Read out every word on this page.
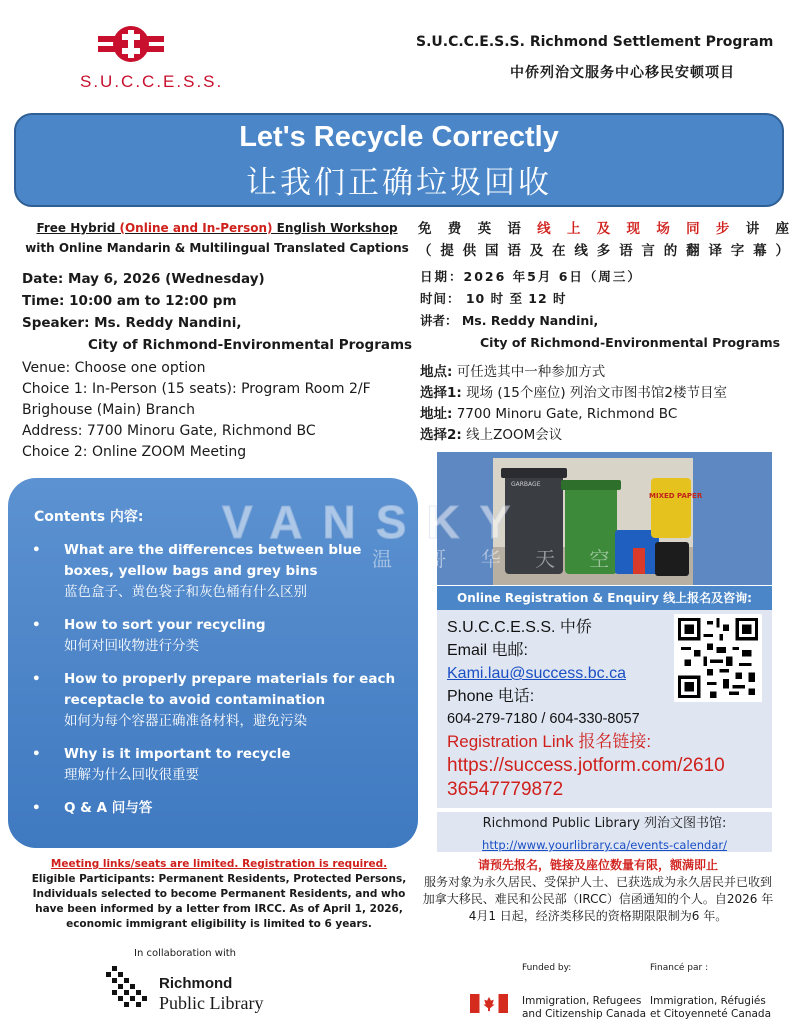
S.U.C.C.E.S.S.
S.U.C.C.E.S.S. Richmond Settlement Program
中侨列治文服务中心移民安顿项目
Let's Recycle Correctly
让我们正确垃圾回收
Free Hybrid (Online and In-Person) English Workshop
with Online Mandarin & Multilingual Translated Captions
Date: May 6, 2026 (Wednesday)
Time: 10:00 am to 12:00 pm
Speaker: Ms. Reddy Nandini,
City of Richmond-Environmental Programs
Venue: Choose one option
Choice 1: In-Person (15 seats): Program Room 2/F
Brighouse (Main) Branch
Address: 7700 Minoru Gate, Richmond BC
Choice 2: Online ZOOM Meeting
免费英语线上及现场同步讲座
（提供国语及在线多语言的翻译字幕）
日期：2026 年5月 6日（周三）
时间： 10 时 至 12 时
讲者： Ms. Reddy Nandini,
City of Richmond-Environmental Programs
地点: 可任选其中一种参加方式
选择1: 现场 (15个座位) 列治文市图书馆2楼节目室
地址: 7700 Minoru Gate, Richmond BC
选择2: 线上ZOOM会议
Contents 内容:
• What are the differences between blue boxes, yellow bags and grey bins
蓝色盒子、黄色袋子和灰色桶有什么区别
• How to sort your recycling
如何对回收物进行分类
• How to properly prepare materials for each receptacle to avoid contamination
如何为每个容器正确准备材料，避免污染
• Why is it important to recycle
理解为什么回收很重要
• Q & A 问与答
GARBAGE
MIXED PAPER
Online Registration & Enquiry 线上报名及咨询:
S.U.C.C.E.S.S. 中侨
Email 电邮:
Kami.lau@success.bc.ca
Phone 电话:
604-279-7180 / 604-330-8057
Registration Link 报名链接:
https://success.jotform.com/2610
36547779872
Richmond Public Library 列治文图书馆:
http://www.yourlibrary.ca/events-calendar/
Meeting links/seats are limited. Registration is required.
Eligible Participants: Permanent Residents, Protected Persons, Individuals selected to become Permanent Residents, and who have been informed by a letter from IRCC. As of April 1, 2026, economic immigrant eligibility is limited to 6 years.
请预先报名，链接及座位数量有限，额满即止
服务对象为永久居民、受保护人士、已获选成为永久居民并已收到加拿大移民、难民和公民部（IRCC）信函通知的个人。自2026 年4月1 日起，经济类移民的资格期限限制为6 年。
In collaboration with
Richmond
Public Library
Funded by:	Financé par :
Immigration, Refugees
and Citizenship Canada
Immigration, Réfugiés
et Citoyenneté Canada
VANSKY
温 哥 华 天 空
